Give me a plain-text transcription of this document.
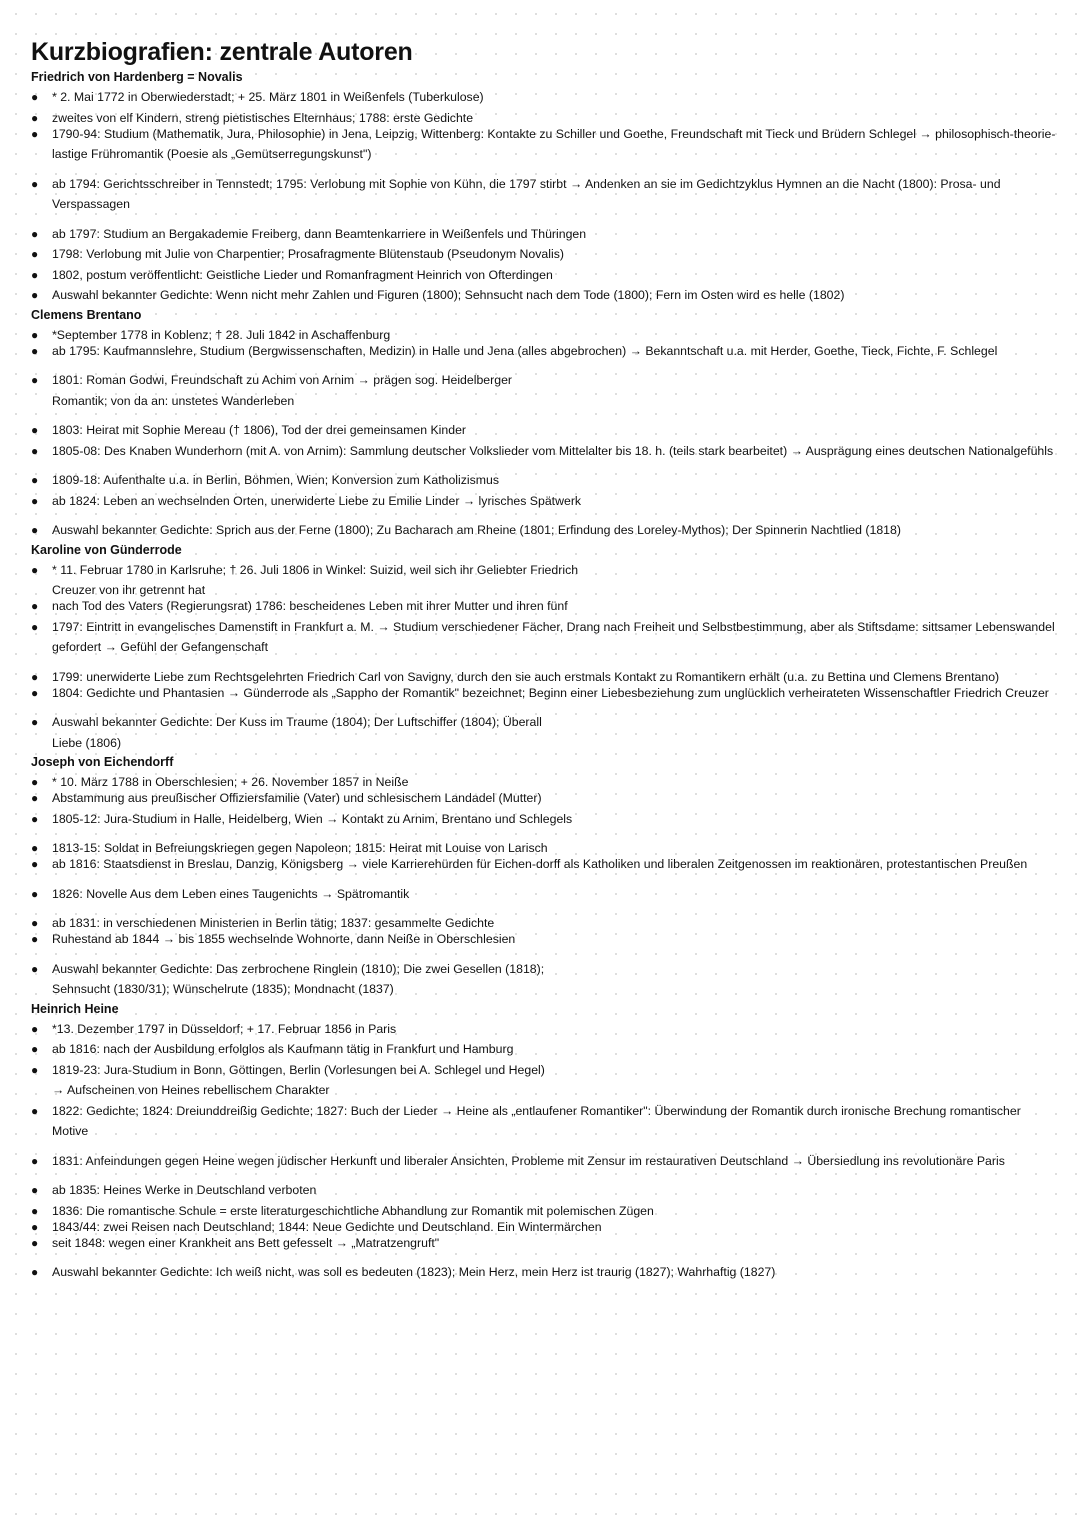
Kurzbiografien: zentrale Autoren
Friedrich von Hardenberg = Novalis
● * 2. Mai 1772 in Oberwiederstadt; + 25. März 1801 in Weißenfels (Tuberkulose)
● zweites von elf Kindern, streng pietistisches Elternhaus; 1788: erste Gedichte
● 1790-94: Studium (Mathematik, Jura, Philosophie) in Jena, Leipzig, Wittenberg: Kontakte zu Schiller und Goethe, Freundschaft mit Tieck und Brüdern Schlegel → philosophisch-theorie-lastige Frühromantik (Poesie als „Gemütserregungskunst")
● ab 1794: Gerichtsschreiber in Tennstedt; 1795: Verlobung mit Sophie von Kühn, die 1797 stirbt → Andenken an sie im Gedichtzyklus Hymnen an die Nacht (1800): Prosa- und Verspassagen
● ab 1797: Studium an Bergakademie Freiberg, dann Beamtenkarriere in Weißenfels und Thüringen
● 1798: Verlobung mit Julie von Charpentier; Prosafragmente Blütenstaub (Pseudonym Novalis)
● 1802, postum veröffentlicht: Geistliche Lieder und Romanfragment Heinrich von Ofterdingen
● Auswahl bekannter Gedichte: Wenn nicht mehr Zahlen und Figuren (1800); Sehnsucht nach dem Tode (1800); Fern im Osten wird es helle (1802)
Clemens Brentano
● *September 1778 in Koblenz; † 28. Juli 1842 in Aschaffenburg
● ab 1795: Kaufmannslehre, Studium (Bergwissenschaften, Medizin) in Halle und Jena (alles abgebrochen) → Bekanntschaft u.a. mit Herder, Goethe, Tieck, Fichte, F. Schlegel
● 1801: Roman Godwi, Freundschaft zu Achim von Arnim → prägen sog. Heidelberger
Romantik; von da an: unstetes Wanderleben
● 1803: Heirat mit Sophie Mereau († 1806), Tod der drei gemeinsamen Kinder
● 1805-08: Des Knaben Wunderhorn (mit A. von Arnim): Sammlung deutscher Volkslieder vom Mittelalter bis 18. h. (teils stark bearbeitet) → Ausprägung eines deutschen Nationalgefühls
● 1809-18: Aufenthalte u.a. in Berlin, Böhmen, Wien; Konversion zum Katholizismus
● ab 1824: Leben an wechselnden Orten, unerwiderte Liebe zu Emilie Linder → lyrisches Spätwerk
● Auswahl bekannter Gedichte: Sprich aus der Ferne (1800); Zu Bacharach am Rheine (1801; Erfindung des Loreley-Mythos); Der Spinnerin Nachtlied (1818)
Karoline von Günderrode
● * 11. Februar 1780 in Karlsruhe; † 26. Juli 1806 in Winkel: Suizid, weil sich ihr Geliebter Friedrich
Creuzer von ihr getrennt hat
● nach Tod des Vaters (Regierungsrat) 1786: bescheidenes Leben mit ihrer Mutter und ihren fünf
● 1797: Eintritt in evangelisches Damenstift in Frankfurt a. M. → Studium verschiedener Fächer, Drang nach Freiheit und Selbstbestimmung, aber als Stiftsdame: sittsamer Lebenswandel gefordert → Gefühl der Gefangenschaft
● 1799: unerwiderte Liebe zum Rechtsgelehrten Friedrich Carl von Savigny, durch den sie auch erstmals Kontakt zu Romantikern erhält (u.a. zu Bettina und Clemens Brentano)
● 1804: Gedichte und Phantasien → Günderrode als „Sappho der Romantik" bezeichnet; Beginn einer Liebesbeziehung zum unglücklich verheirateten Wissenschaftler Friedrich Creuzer
● Auswahl bekannter Gedichte: Der Kuss im Traume (1804); Der Luftschiffer (1804); Überall
Liebe (1806)
Joseph von Eichendorff
● * 10. März 1788 in Oberschlesien; + 26. November 1857 in Neiße
● Abstammung aus preußischer Offiziersfamilie (Vater) und schlesischem Landadel (Mutter)
● 1805-12: Jura-Studium in Halle, Heidelberg, Wien → Kontakt zu Arnim, Brentano und Schlegels
● 1813-15: Soldat in Befreiungskriegen gegen Napoleon; 1815: Heirat mit Louise von Larisch
● ab 1816: Staatsdienst in Breslau, Danzig, Königsberg → viele Karrierehürden für Eichen-dorff als Katholiken und liberalen Zeitgenossen im reaktionären, protestantischen Preußen
● 1826: Novelle Aus dem Leben eines Taugenichts → Spätromantik
● ab 1831: in verschiedenen Ministerien in Berlin tätig; 1837: gesammelte Gedichte
● Ruhestand ab 1844 → bis 1855 wechselnde Wohnorte, dann Neiße in Oberschlesien
● Auswahl bekannter Gedichte: Das zerbrochene Ringlein (1810); Die zwei Gesellen (1818);
Sehnsucht (1830/31); Wünschelrute (1835); Mondnacht (1837)
Heinrich Heine
● *13. Dezember 1797 in Düsseldorf; + 17. Februar 1856 in Paris
● ab 1816: nach der Ausbildung erfolglos als Kaufmann tätig in Frankfurt und Hamburg
● 1819-23: Jura-Studium in Bonn, Göttingen, Berlin (Vorlesungen bei A. Schlegel und Hegel)
→ Aufscheinen von Heines rebellischem Charakter
● 1822: Gedichte; 1824: Dreiunddreißig Gedichte; 1827: Buch der Lieder → Heine als „entlaufener Romantiker": Überwindung der Romantik durch ironische Brechung romantischer Motive
● 1831: Anfeindungen gegen Heine wegen jüdischer Herkunft und liberaler Ansichten, Probleme mit Zensur im restaurativen Deutschland → Übersiedlung ins revolutionäre Paris
● ab 1835: Heines Werke in Deutschland verboten
● 1836: Die romantische Schule = erste literaturgeschichtliche Abhandlung zur Romantik mit polemischen Zügen
● 1843/44: zwei Reisen nach Deutschland; 1844: Neue Gedichte und Deutschland. Ein Wintermärchen
● seit 1848: wegen einer Krankheit ans Bett gefesselt → „Matratzengruft"
● Auswahl bekannter Gedichte: Ich weiß nicht, was soll es bedeuten (1823); Mein Herz, mein Herz ist traurig (1827); Wahrhaftig (1827)
